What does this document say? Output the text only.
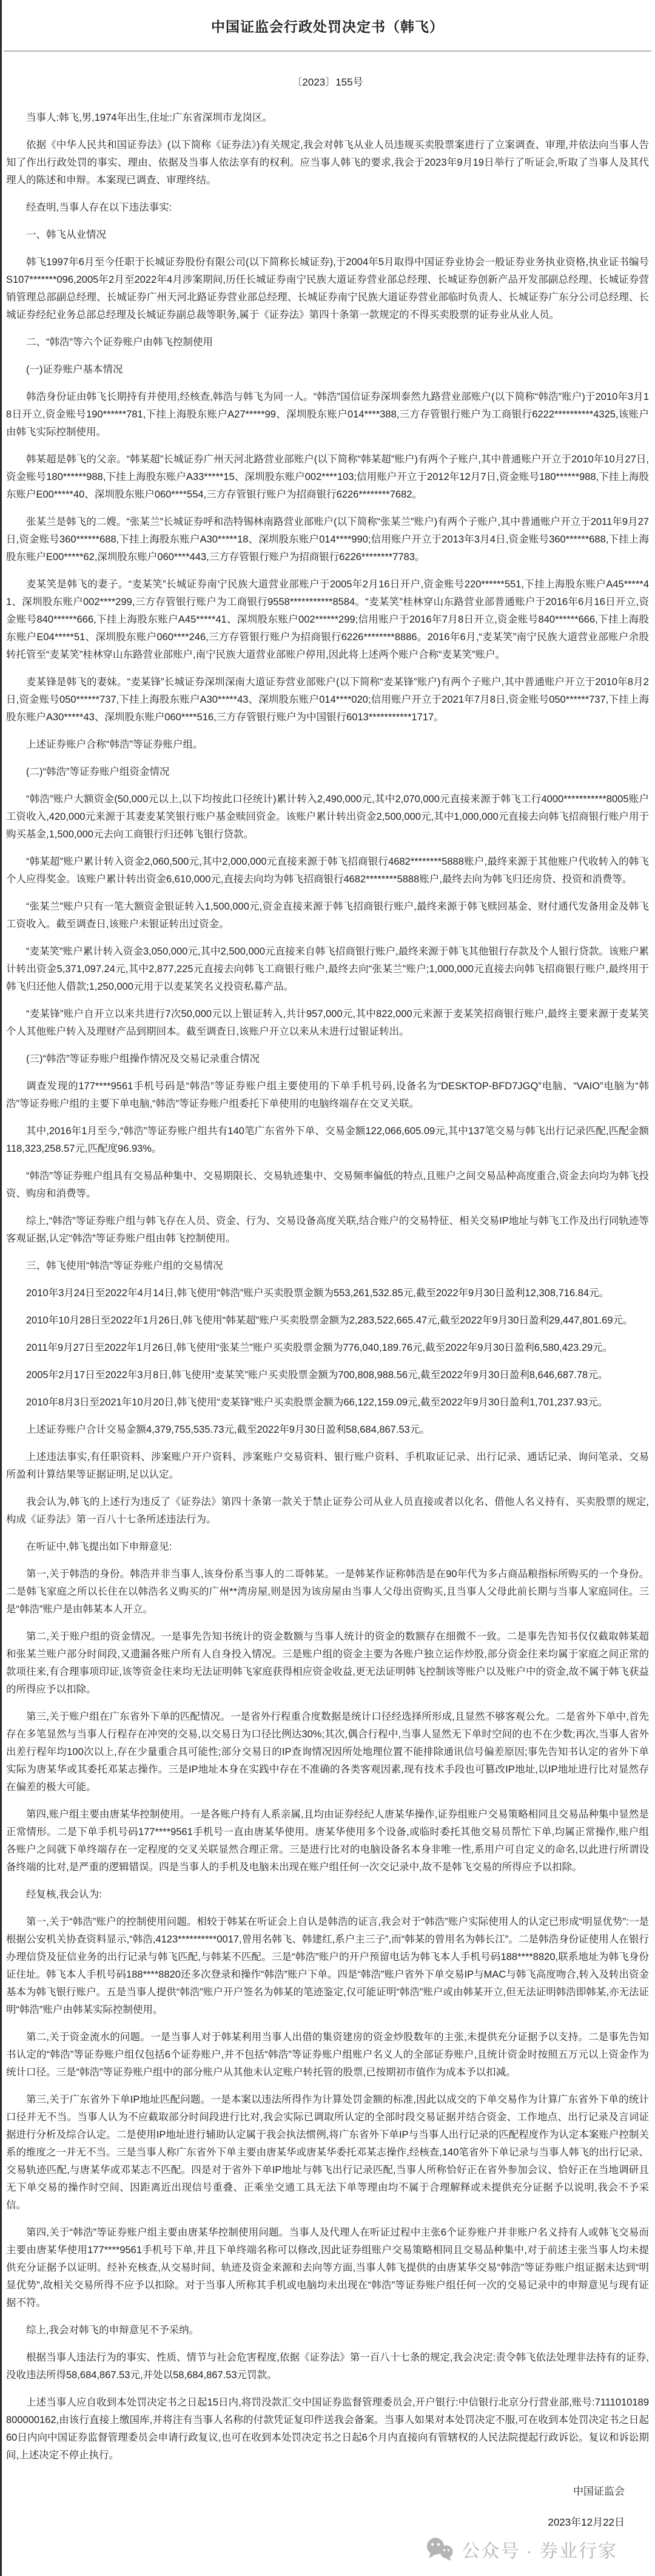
中国证监会行政处罚决定书（韩飞）
〔2023〕155号

当事人:韩飞,男,1974年出生,住址:广东省深圳市龙岗区。

依据《中华人民共和国证券法》(以下简称《证券法》)有关规定,我会对韩飞从业人员违规买卖股票案进行了立案调查、审理,并依法向当事人告知了作出行政处罚的事实、理由、依据及当事人依法享有的权利。应当事人韩飞的要求,我会于2023年9月19日举行了听证会,听取了当事人及其代理人的陈述和申辩。本案现已调查、审理终结。

经查明,当事人存在以下违法事实:

一、韩飞从业情况

韩飞1997年6月至今任职于长城证券股份有限公司(以下简称长城证券),于2004年5月取得中国证券业协会一般证券业务执业资格,执业证书编号S107*******096,2005年2月至2022年4月涉案期间,历任长城证券南宁民族大道证券营业部总经理、长城证券创新产品开发部副总经理、长城证券营销管理总部副总经理、长城证券广州天河北路证券营业部总经理、长城证券南宁民族大道证券营业部临时负责人、长城证券广东分公司总经理、长城证券经纪业务总部总经理及长城证券副总裁等职务,属于《证券法》第四十条第一款规定的不得买卖股票的证券业从业人员。

二、“韩浩”等六个证券账户由韩飞控制使用

(一)证券账户基本情况

韩浩身份证由韩飞长期持有并使用,经核查,韩浩与韩飞为同一人。“韩浩”国信证券深圳泰然九路营业部账户(以下简称“韩浩”账户)于2010年3月18日开立,资金账号190******781,下挂上海股东账户A27*****99、深圳股东账户014****388,三方存管银行账户为工商银行6222**********4325,该账户由韩飞实际控制使用。

韩某超是韩飞的父亲。“韩某超”长城证券广州天河北路营业部账户(以下简称“韩某超”账户)有两个子账户,其中普通账户开立于2010年10月27日,资金账号180******988,下挂上海股东账户A33*****15、深圳股东账户002****103;信用账户开立于2012年12月7日,资金账号180******988,下挂上海股东账户E00*****40、深圳股东账户060****554,三方存管银行账户为招商银行6226********7682。

张某兰是韩飞的二嫂。“张某兰”长城证券呼和浩特锡林南路营业部账户(以下简称“张某兰”账户)有两个子账户,其中普通账户开立于2011年9月27日,资金账号360******688,下挂上海股东账户A30*****18、深圳股东账户014****990;信用账户开立于2013年3月4日,资金账号360******688,下挂上海股东账户E00*****62,深圳股东账户060****443,三方存管银行账户为招商银行6226********7783。

麦某笑是韩飞的妻子。“麦某笑”长城证券南宁民族大道营业部账户于2005年2月16日开户,资金账号220******551,下挂上海股东账户A45*****41、深圳股东账户002****299,三方存管银行账户为工商银行9558***********8584。“麦某笑”桂林穿山东路营业部普通账户于2016年6月16日开立,资金账号840******666,下挂上海股东账户A45*****41、深圳股东账户002******299;信用账户于2016年7月8日开立,资金账号840******666,下挂上海股东账户E04*****51、深圳股东账户060****246,三方存管银行账户为招商银行6226********8886。2016年6月,“麦某笑”南宁民族大道营业部账户余股转托管至“麦某笑”桂林穿山东路营业部账户,南宁民族大道营业部账户停用,因此将上述两个账户合称“麦某笑”账户。

麦某锋是韩飞的妻妹。“麦某锋”长城证券深圳深南大道证券营业部账户(以下简称“麦某锋”账户)有两个子账户,其中普通账户开立于2010年8月2日,资金账号050******737,下挂上海股东账户A30*****43、深圳股东账户014****020;信用账户开立于2021年7月8日,资金账号050******737,下挂上海股东账户A30*****43、深圳股东账户060****516,三方存管银行账户为中国银行6013***********1717。

上述证券账户合称“韩浩”等证券账户组。

(二)“韩浩”等证券账户组资金情况

“韩浩”账户大额资金(50,000元以上,以下均按此口径统计)累计转入2,490,000元,其中2,070,000元直接来源于韩飞工行4000***********8005账户工资收入,420,000元来源于其妻麦某笑银行账户基金赎回资金。该账户累计转出资金2,500,000元,其中1,000,000元直接去向韩飞招商银行账户用于购买基金,1,500,000元去向工商银行归还韩飞银行贷款。

“韩某超”账户累计转入资金2,060,500元,其中2,000,000元直接来源于韩飞招商银行4682********5888账户,最终来源于其他账户代收转入的韩飞个人应得奖金。该账户累计转出资金6,610,000元,直接去向均为韩飞招商银行4682********5888账户,最终去向为韩飞归还房贷、投资和消费等。

“张某兰”账户只有一笔大额资金银证转入1,500,000元,资金直接来源于韩飞招商银行账户,最终来源于韩飞赎回基金、财付通代发备用金及韩飞工资收入。截至调查日,该账户未银证转出过资金。

“麦某笑”账户累计转入资金3,050,000元,其中2,500,000元直接来自韩飞招商银行账户,最终来源于韩飞其他银行存款及个人银行贷款。该账户累计转出资金5,371,097.24元,其中2,877,225元直接去向韩飞工商银行账户,最终去向“张某兰”账户;1,000,000元直接去向韩飞招商银行账户,最终用于韩飞归还他人借款;1,250,000元用于以麦某笑名义投资私募产品。

“麦某锋”账户自开立以来共进行7次50,000元以上银证转入,共计957,000元,其中822,000元来源于麦某笑招商银行账户,最终主要来源于麦某笑个人其他账户转入及理财产品到期回本。截至调查日,该账户开立以来从未进行过银证转出。

(三)“韩浩”等证券账户组操作情况及交易记录重合情况

调查发现的177****9561手机号码是“韩浩”等证券账户组主要使用的下单手机号码,设备名为“DESKTOP-BFD7JGQ”电脑、“VAIO”电脑为“韩浩”等证券账户组的主要下单电脑,“韩浩”等证券账户组委托下单使用的电脑终端存在交叉关联。

其中,2016年1月至今,“韩浩”等证券账户组共有140笔广东省外下单、交易金额122,066,605.09元,其中137笔交易与韩飞出行记录匹配,匹配金额118,323,258.57元,匹配度96.93%。

“韩浩”等证券账户组具有交易品种集中、交易期限长、交易轨迹集中、交易频率偏低的特点,且账户之间交易品种高度重合,资金去向均为韩飞投资、购房和消费等。

综上,“韩浩”等证券账户组与韩飞存在人员、资金、行为、交易设备高度关联,结合账户的交易特征、相关交易IP地址与韩飞工作及出行同轨迹等客观证据,认定“韩浩”等证券账户组由韩飞控制使用。

三、韩飞使用“韩浩”等证券账户组的交易情况

2010年3月24日至2022年4月14日,韩飞使用“韩浩”账户买卖股票金额为553,261,532.85元,截至2022年9月30日盈利12,308,716.84元。

2010年10月28日至2022年1月26日,韩飞使用“韩某超”账户买卖股票金额为2,283,522,665.47元,截至2022年9月30日盈利29,447,801.69元。

2011年9月27日至2022年1月26日,韩飞使用“张某兰”账户买卖股票金额为776,040,189.76元,截至2022年9月30日盈利6,580,423.29元。

2005年2月17日至2022年3月8日,韩飞使用“麦某笑”账户买卖股票金额为700,808,988.56元,截至2022年9月30日盈利8,646,687.78元。

2010年8月3日至2021年10月20日,韩飞使用“麦某锋”账户买卖股票金额为66,122,159.09元,截至2022年9月30日盈利1,701,237.93元。

上述证券账户合计交易金额4,379,755,535.73元,截至2022年9月30日盈利58,684,867.53元。

上述违法事实,有任职资料、涉案账户开户资料、涉案账户交易资料、银行账户资料、手机取证记录、出行记录、通话记录、询问笔录、交易所盈利计算结果等证据证明,足以认定。

我会认为,韩飞的上述行为违反了《证券法》第四十条第一款关于禁止证券公司从业人员直接或者以化名、借他人名义持有、买卖股票的规定,构成《证券法》第一百八十七条所述违法行为。

在听证中,韩飞提出如下申辩意见:

第一,关于韩浩的身份。韩浩并非当事人,该身份系当事人的二哥韩某。一是韩某作证称韩浩是在90年代为多占商品粮指标所购买的一个身份。二是韩飞家庭之所以长住在以韩浩名义购买的广州**湾房屋,则是因为该房屋由当事人父母出资购买,且当事人父母此前长期与当事人家庭同住。三是“韩浩”账户是由韩某本人开立。

第二,关于账户组的资金情况。一是事先告知书统计的资金数额与当事人统计的资金的数额存在细微不一致。二是事先告知书仅仅截取韩某超和张某兰账户部分时间段,又遗漏各账户所有人自身投入情况。三是账户组的资金主要为各账户独立运作炒股,部分资金往来均属于家庭之间正常的款项往来,有合理事项印证,该等资金往来均无法证明韩飞家庭获得相应资金收益,更无法证明韩飞控制该等账户以及账户中的资金,故不属于韩飞获益的所得应予以扣除。

第三,关于账户组在广东省外下单的匹配情况。一是省外行程重合度数据是统计口径经选择所形成,且显然不够客观公允。二是省外下单中,首先存在多笔显然与当事人行程存在冲突的交易,以交易日为口径比例达30%;其次,偶合行程中,当事人显然无下单时空间的也不在少数;再次,当事人省外出差行程年均100次以上,存在少量重合具可能性;部分交易日的IP查询情况因所处地理位置不能排除通讯信号偏差原因;事先告知书认定的省外下单实际为唐某华或其委托邓某志操作。三是IP地址本身在实践中存在不准确的各类客观因素,现有技术手段也可篡改IP地址,以IP地址进行比对显然存在偏差的极大可能。

第四,账户组主要由唐某华控制使用。一是各账户持有人系亲属,且均由证券经纪人唐某华操作,证券组账户交易策略相同且交易品种集中显然是正常情形。二是下单手机号码177****9561手机号一直由唐某华使用。唐某华使用多个设备,或临时委托其他交易员帮忙下单,均属正常操作,账户组各账户之间就下单终端存在一定程度的交叉关联显然合理正常。三是进行比对的电脑设备名本身非唯一性,系用户可自定义的命名,以此进行所谓设备终端的比对,是严重的逻辑错误。四是当事人的手机及电脑未出现在账户组任何一次交记录中,故不是韩飞交易的所得应予以扣除。

经复核,我会认为:

第一,关于“韩浩”账户的控制使用问题。相较于韩某在听证会上自认是韩浩的证言,我会对于“韩浩”账户实际使用人的认定已形成“明显优势”:一是根据公安机关协查资料显示,“韩浩,4123**********0017,曾用名韩飞、韩建红,系户主三子”,而“韩某的曾用名为韩长江”。二是韩浩身份证使用人在银行办理信贷及征信业务的出行记录与韩飞匹配,与韩某不匹配。三是“韩浩”账户的开户预留电话为韩飞本人手机号码188****8820,联系地址为韩飞身份证住址。韩飞本人手机号码188****8820还多次登录和操作“韩浩”账户下单。四是“韩浩”账户省外下单交易IP与MAC与韩飞高度吻合,转入及转出资金基本为韩飞银行账户。五是当事人提供“韩浩”账户开户签名为韩某的笔迹鉴定,仅可能证明“韩浩”账户或由韩某开立,但无法证明韩浩即韩某,亦无法证明“韩浩”账户由韩某实际控制使用。

第二,关于资金流水的问题。一是当事人对于韩某利用当事人出借的集资建房的资金炒股数年的主张,未提供充分证据予以支持。二是事先告知书认定的“韩浩”等证券账户组仅包括6个证券账户,并不包括“韩浩”等证券账户组账户名义人的全部证券账户,且统计资金时按照五万元以上资金作为统计口径。三是“韩浩”等证券账户组中的部分账户从其他未认定账户转托管的股票,已按期初市值作为成本予以扣减。

第三,关于广东省外下单IP地址匹配问题。一是本案以违法所得作为计算处罚金额的标准,因此以成交的下单交易作为计算广东省外下单的统计口径并无不当。当事人认为不应截取部分时间段进行比对,我会实际已调取所认定的全部时段交易证据并结合资金、工作地点、出行记录及言词证据进行分析及综合认定。二是使用IP地址进行辅助认定属于我会执法惯例,将广东省外下单IP与当事人出行记录的匹配程度作为认定本案账户控制关系的维度之一并无不当。三是当事人称广东省外下单主要由唐某华或唐某华委托邓某志操作,经核查,140笔省外下单记录与当事人韩飞的出行记录、交易轨迹匹配,与唐某华或邓某志不匹配。四是对于省外下单IP地址与韩飞出行记录匹配,当事人所称恰好正在省外参加会议、恰好正在当地调研且无下单交易的操作时空间、因距离近出现信号重叠、正乘坐交通工具无法下单等理由均不属于合理解释或未提供充分证据予以说明,我会不予采信。

第四,关于“韩浩”等证券账户组主要由唐某华控制使用问题。当事人及代理人在听证过程中主张6个证券账户并非账户名义持有人或韩飞交易而主要由唐某华使用177****9561手机号下单,并且下单终端名称可以修改,因此证券组账户交易策略相同且交易品种集中,对于前述主张当事人均未提供充分证据予以证明。经补充核查,从交易时间、轨迹及资金来源和去向等方面,当事人韩飞提供的由唐某华交易“韩浩”等证券账户组证据未达到“明显优势”,故相关交易所得不应予以扣除。对于当事人所称其手机或电脑均未出现在“韩浩”等证券账户组任何一次的交易记录中的申辩意见与现有证据不符。

综上,我会对韩飞的申辩意见不予采纳。

根据当事人违法行为的事实、性质、情节与社会危害程度,依据《证券法》第一百八十七条的规定,我会决定:责令韩飞依法处理非法持有的证券,没收违法所得58,684,867.53元,并处以58,684,867.53元罚款。

上述当事人应自收到本处罚决定书之日起15日内,将罚没款汇交中国证券监督管理委员会,开户银行:中信银行北京分行营业部,账号:7111010189800000162,由该行直接上缴国库,并将注有当事人名称的付款凭证复印件送我会备案。当事人如果对本处罚决定不服,可在收到本处罚决定书之日起60日内向中国证券监督管理委员会申请行政复议,也可在收到本处罚决定书之日起6个月内直接向有管辖权的人民法院提起行政诉讼。复议和诉讼期间,上述决定不停止执行。

中国证监会
2023年12月22日
公众号 · 券业行家
